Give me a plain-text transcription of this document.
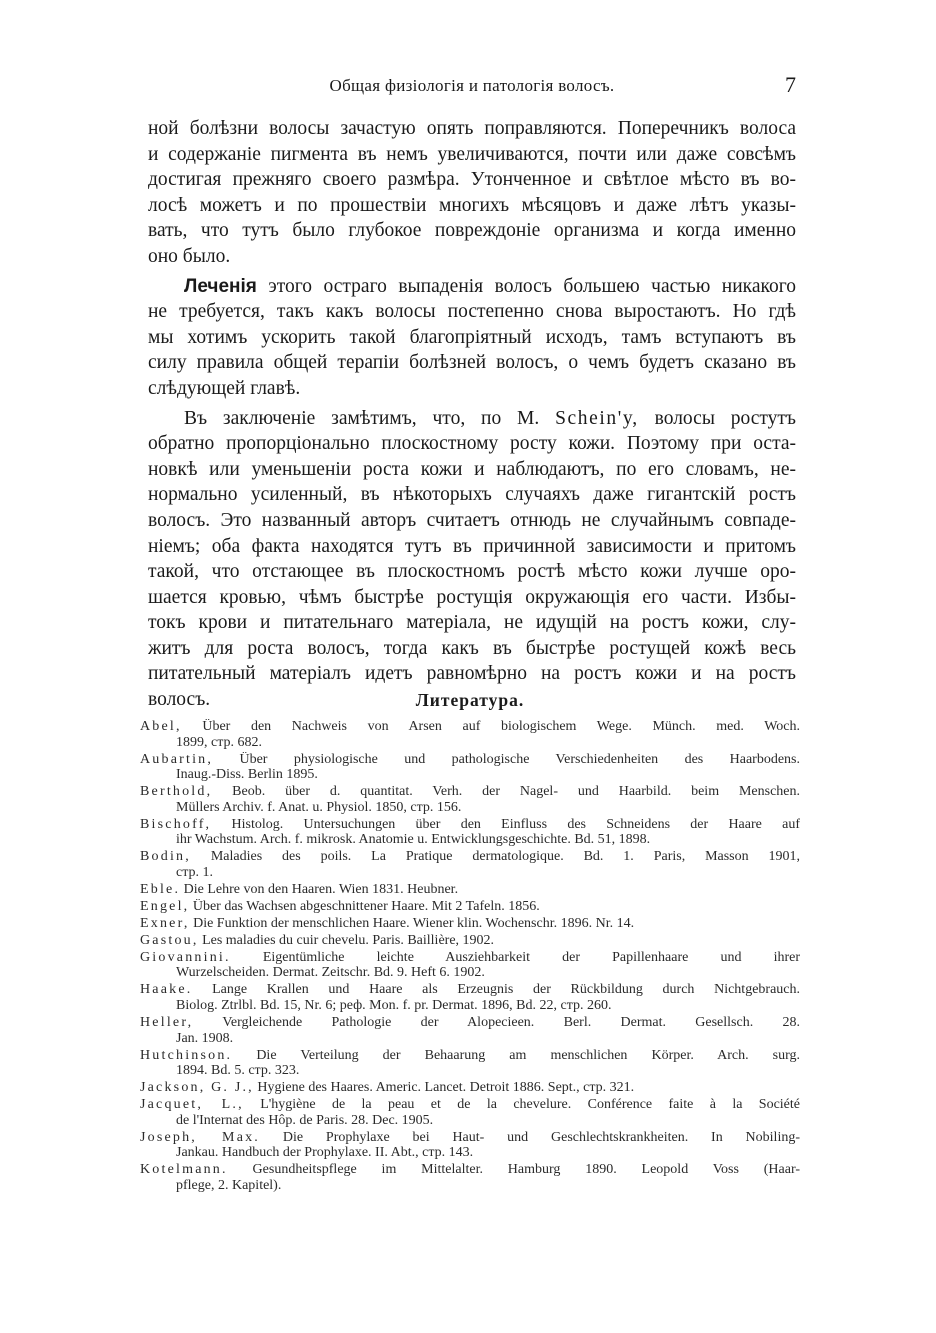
Общая физіологія и патологія волосъ.	7
ной болѣзни волосы зачастую опять поправляются. Поперечникъ волоса
и содержаніе пигмента въ немъ увеличиваются, почти или даже совсѣмъ
достигая прежняго своего размѣра. Утонченное и свѣтлое мѣсто въ во-
лосѣ можетъ и по прошествіи многихъ мѣсяцовъ и даже лѣтъ указы-
вать, что тутъ было глубокое повреждоніе организма и когда именно
оно было.
Леченія этого остраго выпаденія волосъ большею частью никакого
не требуется, такъ какъ волосы постепенно снова выростаютъ. Но гдѣ
мы хотимъ ускорить такой благопріятный исходъ, тамъ вступаютъ въ
силу правила общей терапіи болѣзней волосъ, о чемъ будетъ сказано въ
слѣдующей главѣ.
Въ заключеніе замѣтимъ, что, по М. Schein'у, волосы ростутъ
обратно пропорціонально плоскостному росту кожи. Поэтому при оста-
новкѣ или уменьшеніи роста кожи и наблюдаютъ, по его словамъ, не-
нормально усиленный, въ нѣкоторыхъ случаяхъ даже гигантскій ростъ
волосъ. Это названный авторъ считаетъ отнюдь не случайнымъ совпаде-
ніемъ; оба факта находятся тутъ въ причинной зависимости и притомъ
такой, что отстающее въ плоскостномъ ростѣ мѣсто кожи лучше оро-
шается кровью, чѣмъ быстрѣе ростущія окружающія его части. Избы-
токъ крови и питательнаго матеріала, не идущій на ростъ кожи, слу-
житъ для роста волосъ, тогда какъ въ быстрѣе ростущей кожѣ весь
питательный матеріалъ идетъ равномѣрно на ростъ кожи и на ростъ
волосъ.	Литература.
Abel, Über den Nachweis von Arsen auf biologischem Wege. Münch. med. Woch.
1899, стр. 682.
Aubartin, Über physiologische und pathologische Verschiedenheiten des Haarbodens.
Inaug.-Diss. Berlin 1895.
Berthold, Beob. über d. quantitat. Verh. der Nagel- und Haarbild. beim Menschen.
Müllers Archiv. f. Anat. u. Physiol. 1850, стр. 156.
Bischoff, Histolog. Untersuchungen über den Einfluss des Schneidens der Haare auf
ihr Wachstum. Arch. f. mikrosk. Anatomie u. Entwicklungsgeschichte. Bd. 51, 1898.
Bodin, Maladies des poils. La Pratique dermatologique. Bd. 1. Paris, Masson 1901,
стр. 1.
Eble. Die Lehre von den Haaren. Wien 1831. Heubner.
Engel, Über das Wachsen abgeschnittener Haare. Mit 2 Tafeln. 1856.
Exner, Die Funktion der menschlichen Haare. Wiener klin. Wochenschr. 1896. Nr. 14.
Gastou, Les maladies du cuir chevelu. Paris. Baillière, 1902.
Giovannini. Eigentümliche leichte Ausziehbarkeit der Papillenhaare und ihrer
Wurzelscheiden. Dermat. Zeitschr. Bd. 9. Heft 6. 1902.
Haake. Lange Krallen und Haare als Erzeugnis der Rückbildung durch Nichtgebrauch.
Biolog. Ztrlbl. Bd. 15, Nr. 6; реф. Mon. f. pr. Dermat. 1896, Bd. 22, стр. 260.
Heller, Vergleichende Pathologie der Alopecieen. Berl. Dermat. Gesellsch. 28.
Jan. 1908.
Hutchinson. Die Verteilung der Behaarung am menschlichen Körper. Arch. surg.
1894. Bd. 5. стр. 323.
Jackson, G. J., Hygiene des Haares. Americ. Lancet. Detroit 1886. Sept., стр. 321.
Jacquet, L., L'hygiène de la peau et de la chevelure. Conférence faite à la Société
de l'Internat des Hôp. de Paris. 28. Dec. 1905.
Joseph, Max. Die Prophylaxe bei Haut- und Geschlechtskrankheiten. In Nobiling-
Jankau. Handbuch der Prophylaxe. II. Abt., стр. 143.
Kotelmann. Gesundheitspflege im Mittelalter. Hamburg 1890. Leopold Voss (Haar-
pflege, 2. Kapitel).
